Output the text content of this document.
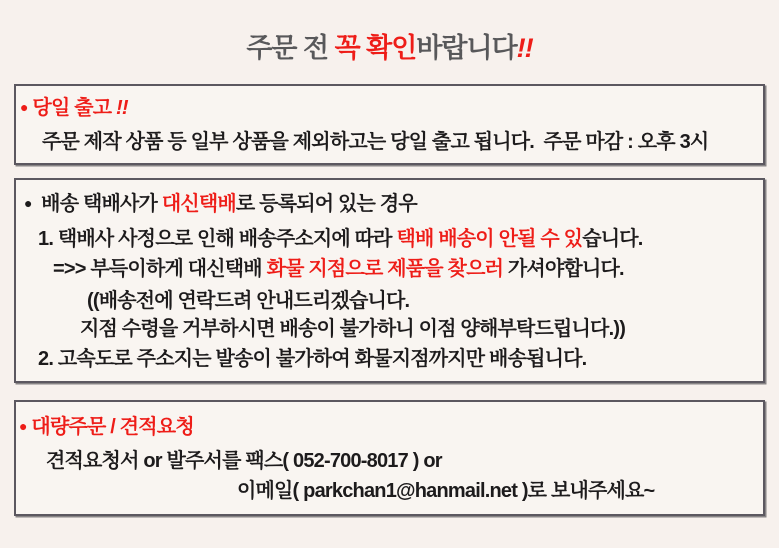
주문 전 꼭 확인바랍니다!!
● 당일 출고 !!
주문 제작 상품 등 일부 상품을 제외하고는 당일 출고 됩니다.  주문 마감 : 오후 3시
● 배송 택배사가 대신택배로 등록되어 있는 경우
1. 택배사 사정으로 인해 배송주소지에 따라 택배 배송이 안될 수 있습니다.
=>> 부득이하게 대신택배 화물 지점으로 제품을 찾으러 가셔야합니다.
((배송전에 연락드려 안내드리겠습니다.
지점 수령을 거부하시면 배송이 불가하니 이점 양해부탁드립니다.))
2. 고속도로 주소지는 발송이 불가하여 화물지점까지만 배송됩니다.
● 대량주문 / 견적요청
견적요청서 or 발주서를 팩스( 052-700-8017 ) or
이메일( parkchan1@hanmail.net )로 보내주세요~
